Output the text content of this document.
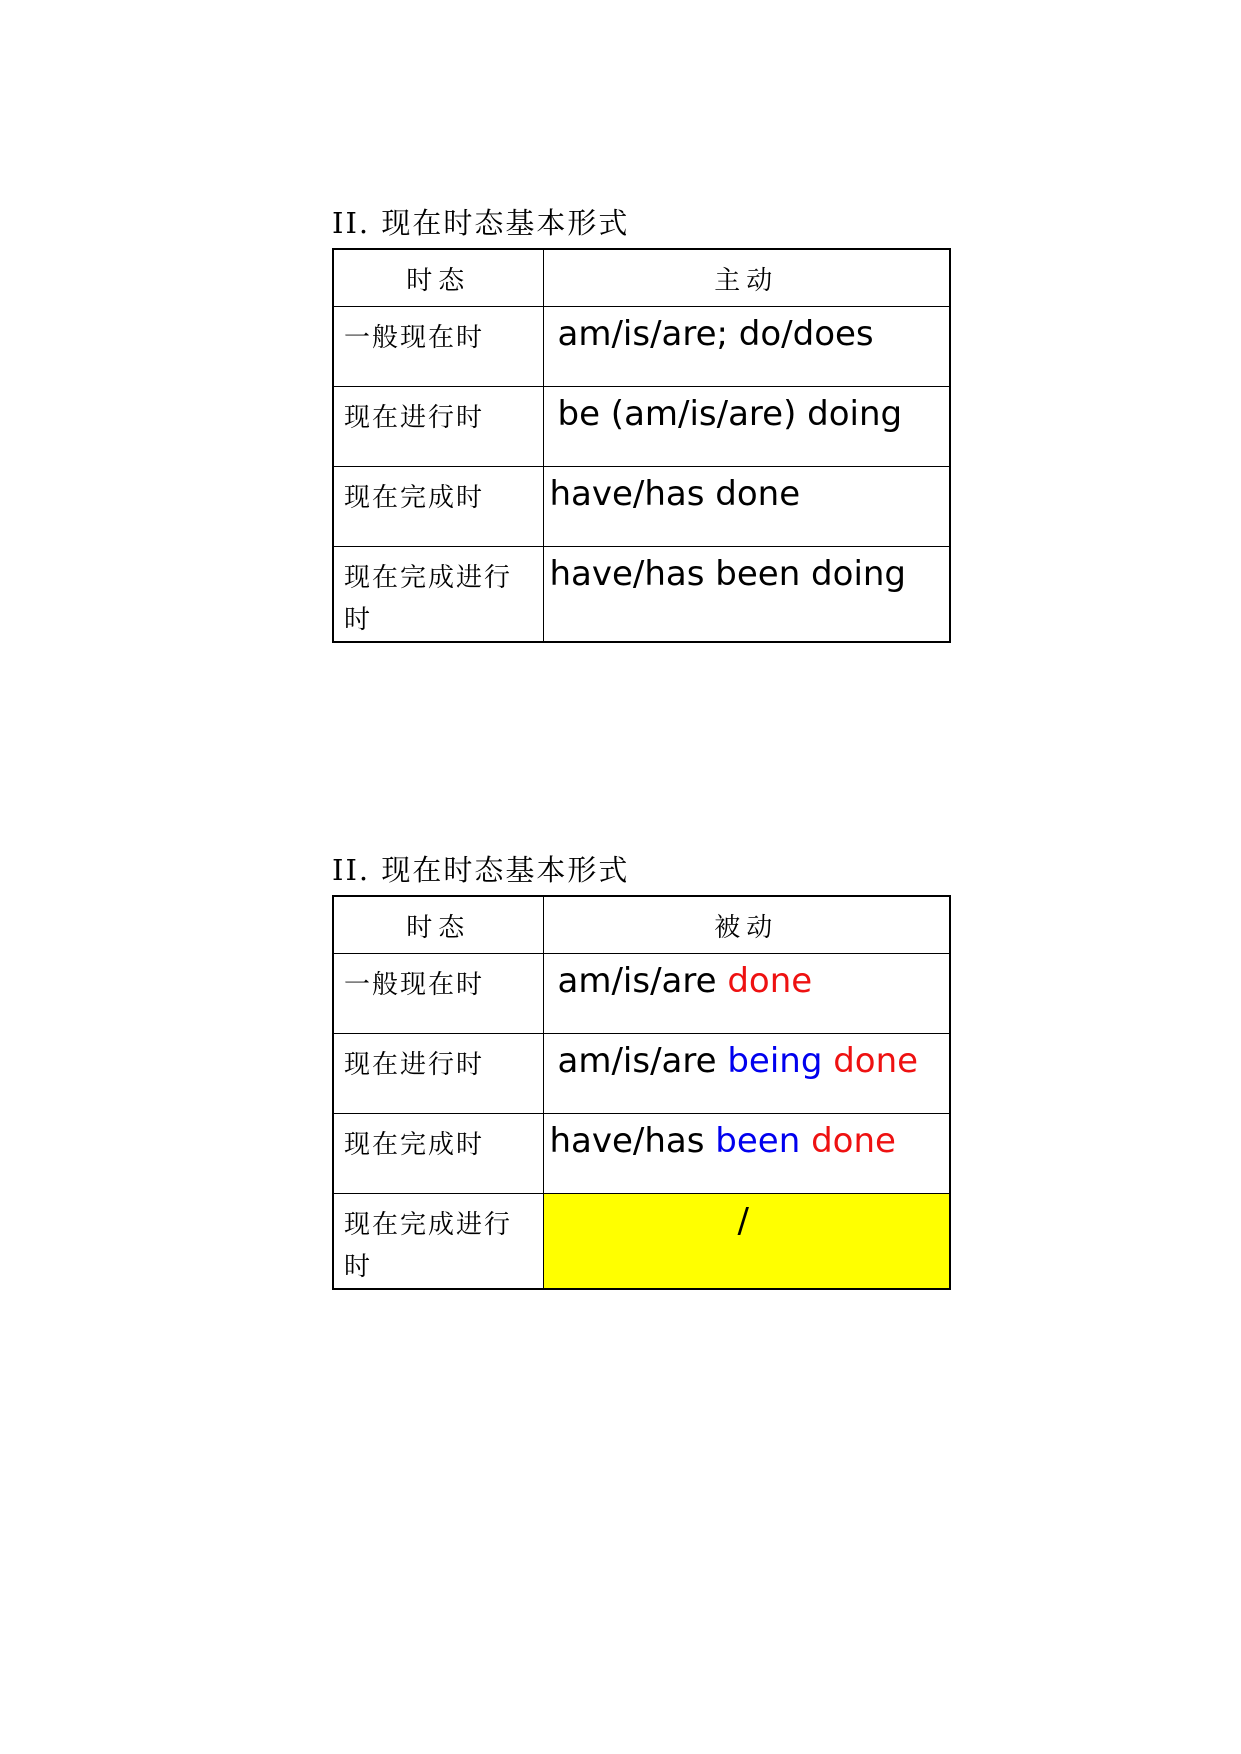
II. 现在时态基本形式
时态	主动
一般现在时	am/is/are; do/does
现在进行时	be (am/is/are) doing
现在完成时	have/has done
现在完成进行时	have/has been doing
II. 现在时态基本形式
时态	被动
一般现在时	am/is/are done
现在进行时	am/is/are being done
现在完成时	have/has been done
现在完成进行时	/
